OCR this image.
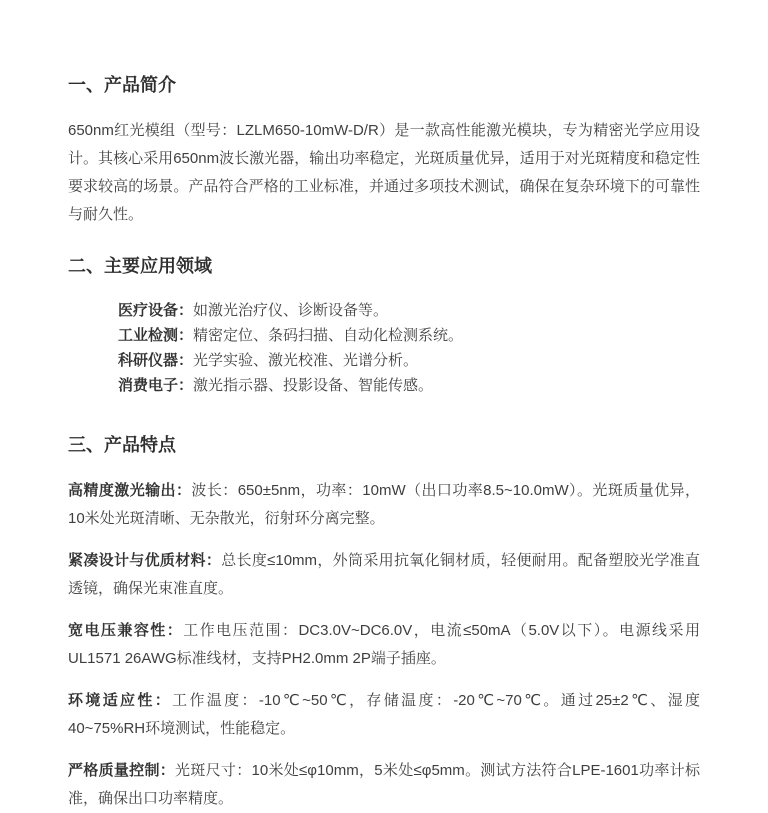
一、产品简介

650nm红光模组（型号：LZLM650-10mW-D/R）是一款高性能激光模块，专为精密光学应用设计。其核心采用650nm波长激光器，输出功率稳定，光斑质量优异，适用于对光斑精度和稳定性要求较高的场景。产品符合严格的工业标准，并通过多项技术测试，确保在复杂环境下的可靠性与耐久性。

二、主要应用领域
医疗设备：如激光治疗仪、诊断设备等。
工业检测：精密定位、条码扫描、自动化检测系统。
科研仪器：光学实验、激光校准、光谱分析。
消费电子：激光指示器、投影设备、智能传感。
三、产品特点

高精度激光输出：波长：650±5nm，功率：10mW（出口功率8.5~10.0mW）。光斑质量优异，10米处光斑清晰、无杂散光，衍射环分离完整。

紧凑设计与优质材料：总长度≤10mm，外筒采用抗氧化铜材质，轻便耐用。配备塑胶光学准直透镜，确保光束准直度。

宽电压兼容性：工作电压范围：DC3.0V~DC6.0V，电流≤50mA（5.0V以下）。电源线采用UL1571 26AWG标准线材，支持PH2.0mm 2P端子插座。

环境适应性：工作温度：-10℃~50℃，存储温度：-20℃~70℃。通过25±2℃、湿度40~75%RH环境测试，性能稳定。

严格质量控制：光斑尺寸：10米处≤φ10mm，5米处≤φ5mm。测试方法符合LPE-1601功率计标准，确保出口功率精度。
